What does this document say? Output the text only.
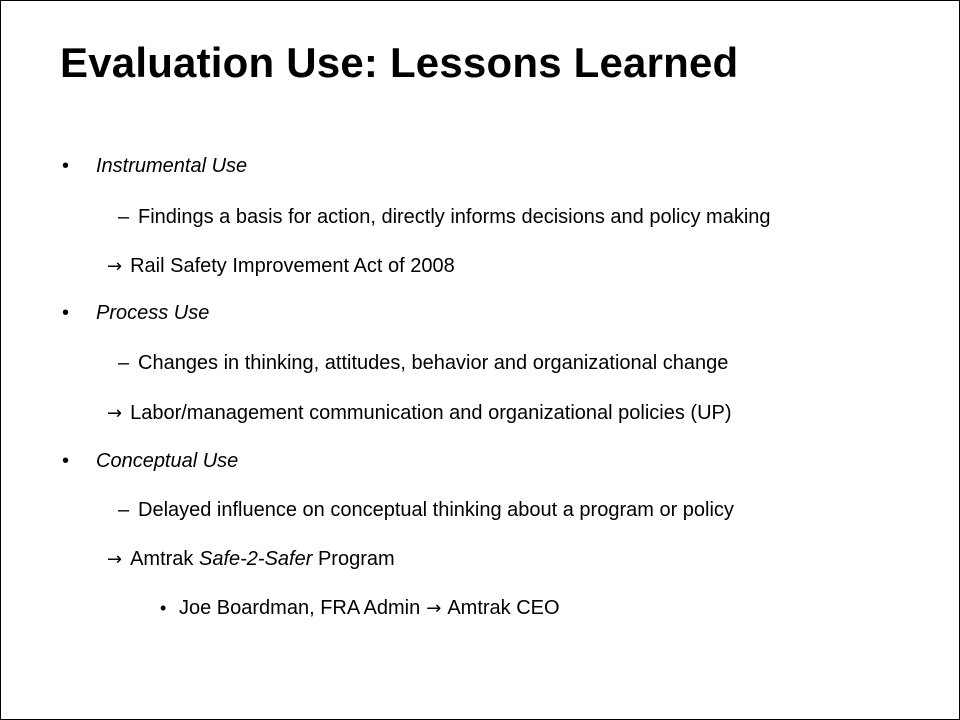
Evaluation Use: Lessons Learned
• Instrumental Use
– Findings a basis for action, directly informs decisions and policy making
→ Rail Safety Improvement Act of 2008
• Process Use
– Changes in thinking, attitudes, behavior and organizational change
→ Labor/management communication and organizational policies (UP)
• Conceptual Use
– Delayed influence on conceptual thinking about a program or policy
→ Amtrak Safe-2-Safer Program
• Joe Boardman, FRA Admin → Amtrak CEO
